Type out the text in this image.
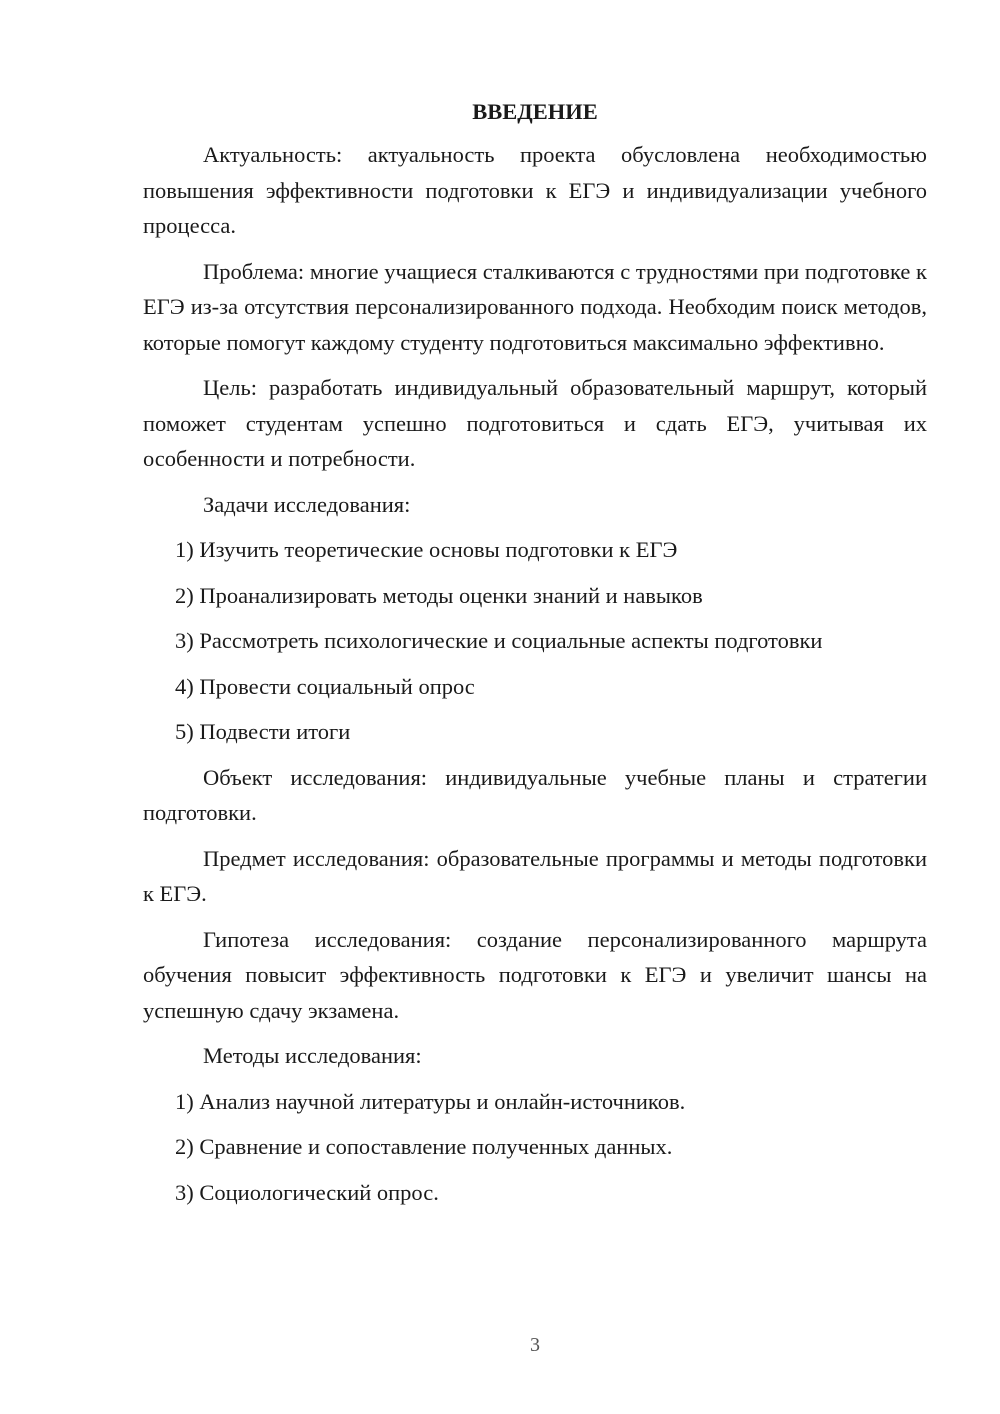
ВВЕДЕНИЕ

Актуальность: актуальность проекта обусловлена необходимостью повышения эффективности подготовки к ЕГЭ и индивидуализации учебного процесса.

Проблема: многие учащиеся сталкиваются с трудностями при подготовке к ЕГЭ из-за отсутствия персонализированного подхода. Необходим поиск методов, которые помогут каждому студенту подготовиться максимально эффективно.

Цель: разработать индивидуальный образовательный маршрут, который поможет студентам успешно подготовиться и сдать ЕГЭ, учитывая их особенности и потребности.

Задачи исследования:

1) Изучить теоретические основы подготовки к ЕГЭ
2) Проанализировать методы оценки знаний и навыков
3) Рассмотреть психологические и социальные аспекты подготовки
4) Провести социальный опрос
5) Подвести итоги

Объект исследования: индивидуальные учебные планы и стратегии подготовки.

Предмет исследования: образовательные программы и методы подготовки к ЕГЭ.

Гипотеза исследования: создание персонализированного маршрута обучения повысит эффективность подготовки к ЕГЭ и увеличит шансы на успешную сдачу экзамена.

Методы исследования:

1) Анализ научной литературы и онлайн-источников.
2) Сравнение и сопоставление полученных данных.
3) Социологический опрос.
3
